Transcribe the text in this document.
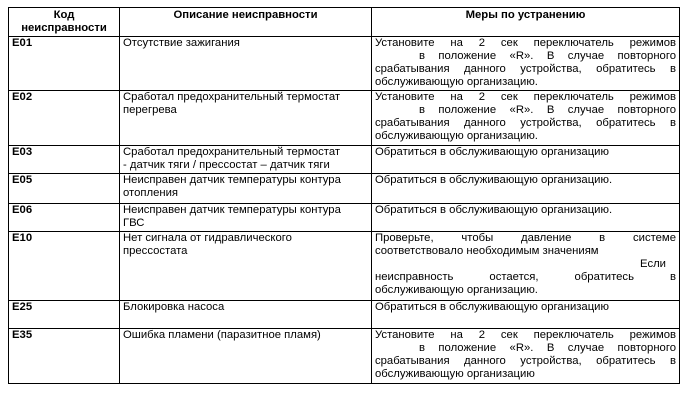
Код
неисправности	Описание неисправности	Меры по устранению
E01	Отсутствие зажигания	Установите на 2 сек переключатель режимов
в положение «R». В случае повторного
срабатывания данного устройства, обратитесь в
обслуживающую организацию.

E02	Сработал предохранительный термостат
перегрева	Установите на 2 сек переключатель режимов
в положение «R». В случае повторного
срабатывания данного устройства, обратитесь в
обслуживающую организацию.

E03	Сработал предохранительный термостат
- датчик тяги / прессостат – датчик тяги	Обратиться в обслуживающую организацию

E05	Неисправен датчик температуры контура
отопления	Обратиться в обслуживающую организацию.

E06	Неисправен датчик температуры контура
ГВС	Обратиться в обслуживающую организацию.

E10	Нет сигнала от гидравлического
прессостата	Проверьте, чтобы давление в системе
соответствовало необходимым значениям
Если
неисправность остается, обратитесь в
обслуживающую организацию.

E25	Блокировка насоса	Обратиться в обслуживающую организацию

E35	Ошибка пламени (паразитное пламя)	Установите на 2 сек переключатель режимов
в положение «R». В случае повторного
срабатывания данного устройства, обратитесь в
обслуживающую организацию
